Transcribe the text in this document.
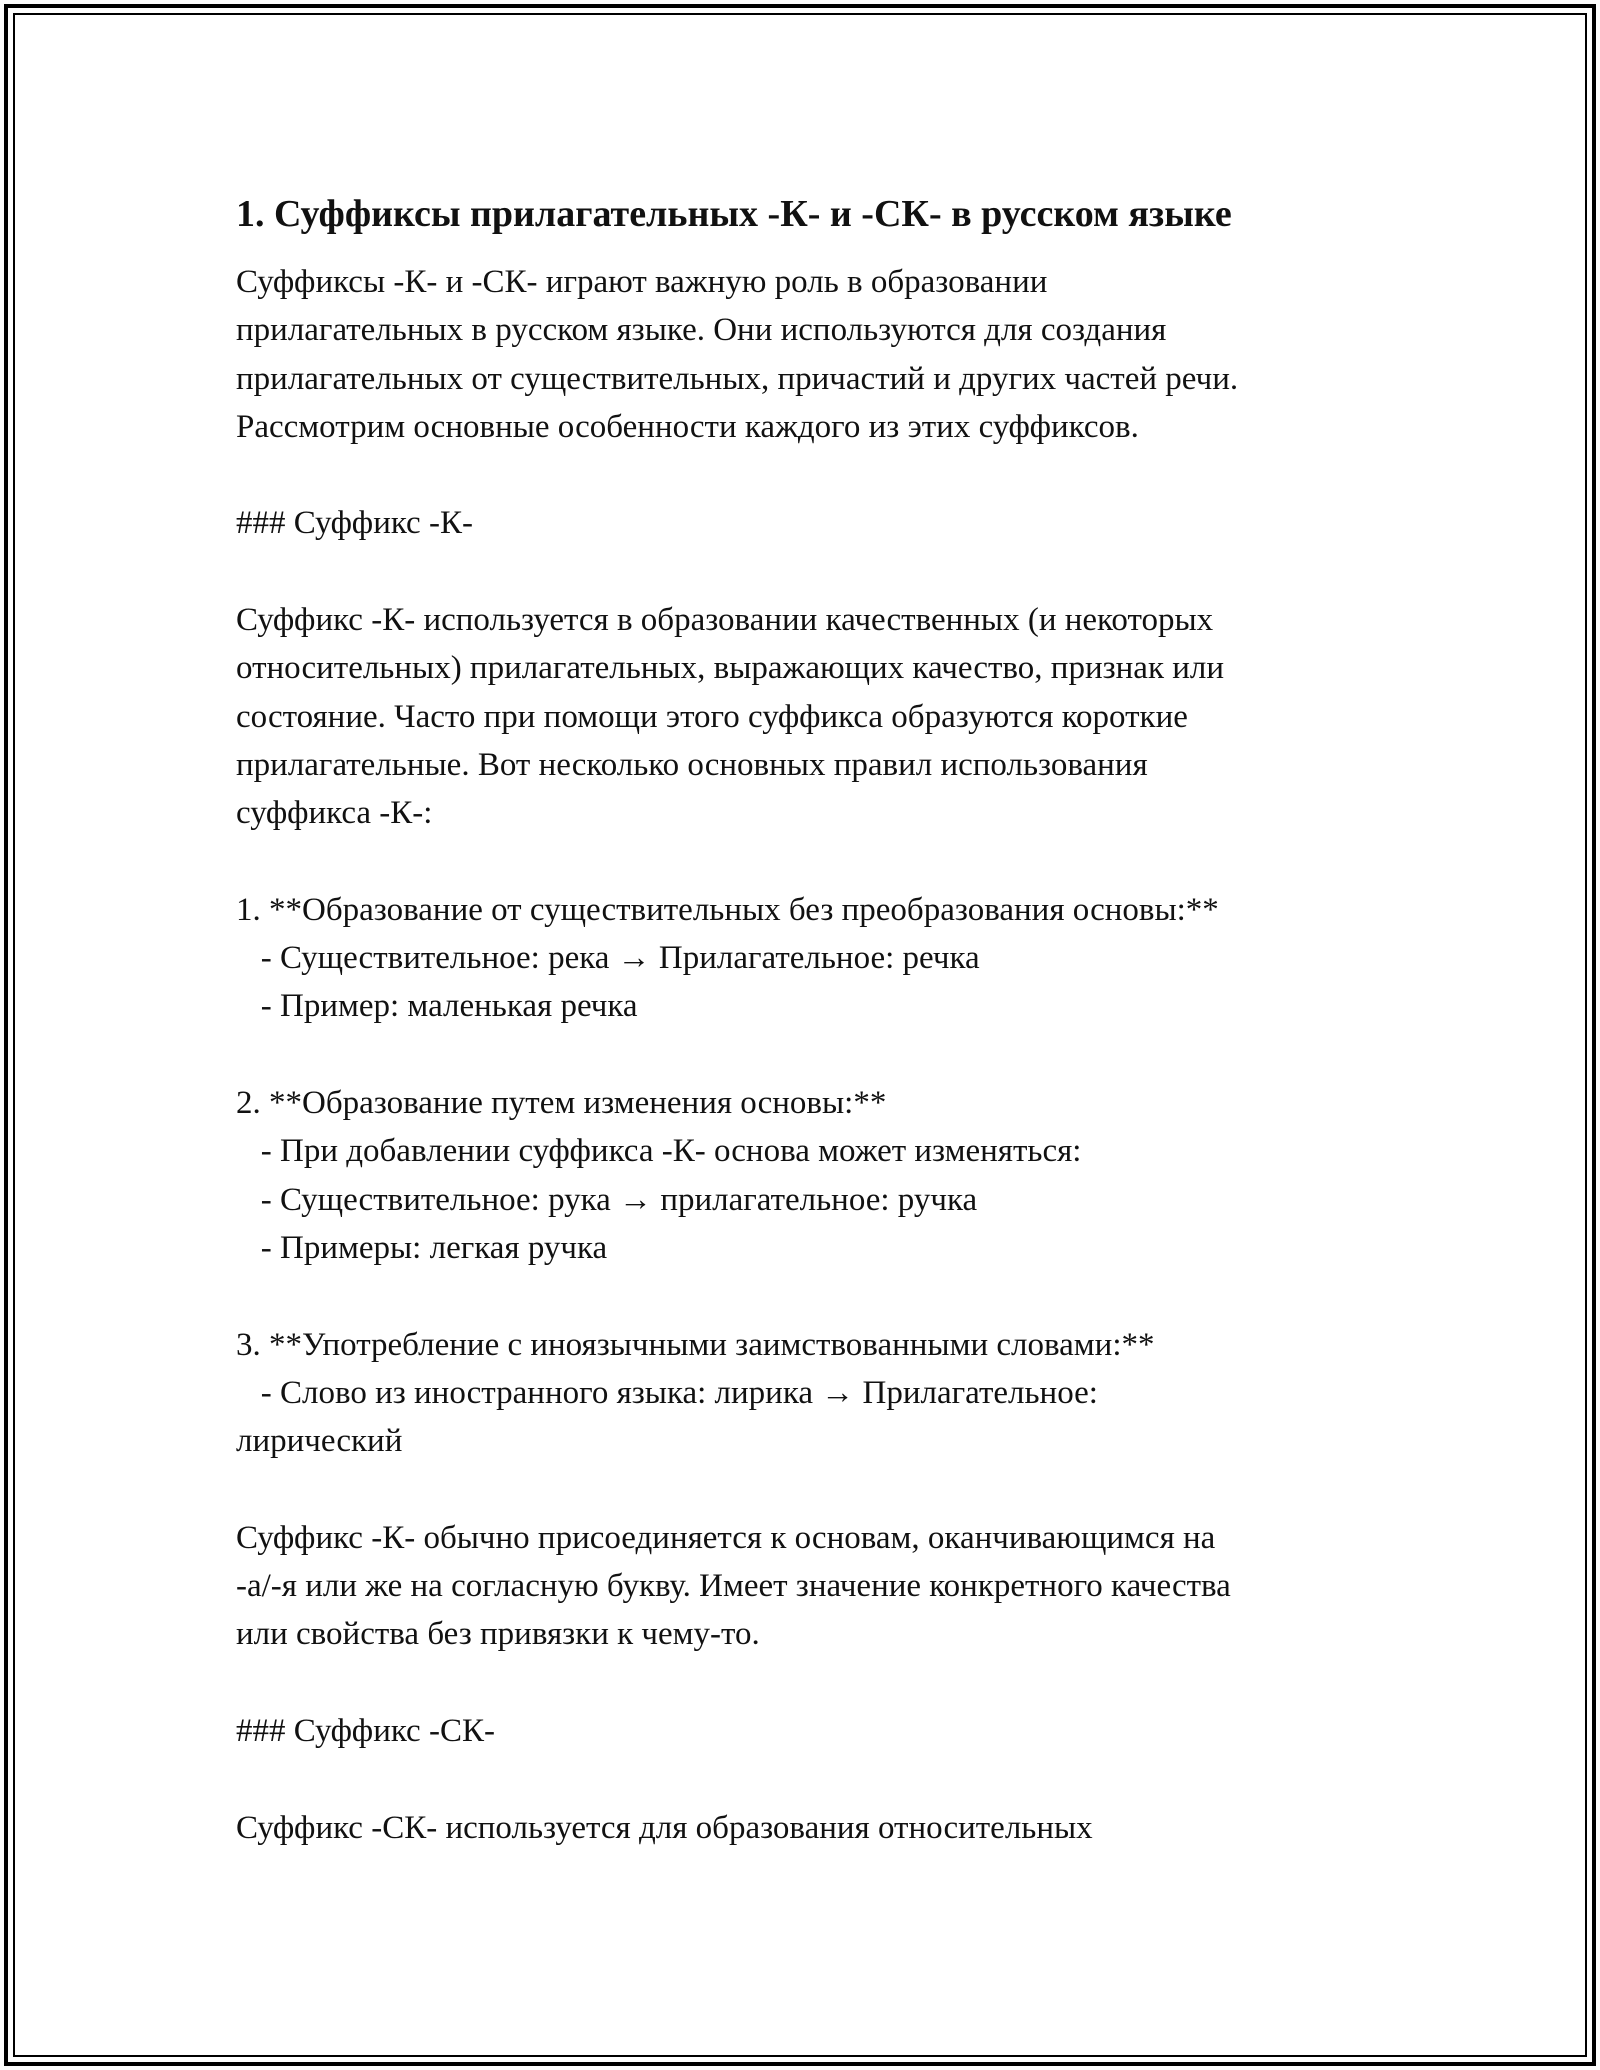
1. Суффиксы прилагательных -К- и -СК- в русском языке
Суффиксы -К- и -СК- играют важную роль в образовании
прилагательных в русском языке. Они используются для создания
прилагательных от существительных, причастий и других частей речи.
Рассмотрим основные особенности каждого из этих суффиксов.

### Суффикс -К-

Суффикс -К- используется в образовании качественных (и некоторых
относительных) прилагательных, выражающих качество, признак или
состояние. Часто при помощи этого суффикса образуются короткие
прилагательные. Вот несколько основных правил использования
суффикса -К-:

1. **Образование от существительных без преобразования основы:**
- Существительное: река → Прилагательное: речка
- Пример: маленькая речка

2. **Образование путем изменения основы:**
- При добавлении суффикса -К- основа может изменяться:
- Существительное: рука → прилагательное: ручка
- Примеры: легкая ручка

3. **Употребление с иноязычными заимствованными словами:**
- Слово из иностранного языка: лирика → Прилагательное:
лирический

Суффикс -К- обычно присоединяется к основам, оканчивающимся на
-а/-я или же на согласную букву. Имеет значение конкретного качества
или свойства без привязки к чему-то.

### Суффикс -СК-

Суффикс -СК- используется для образования относительных
